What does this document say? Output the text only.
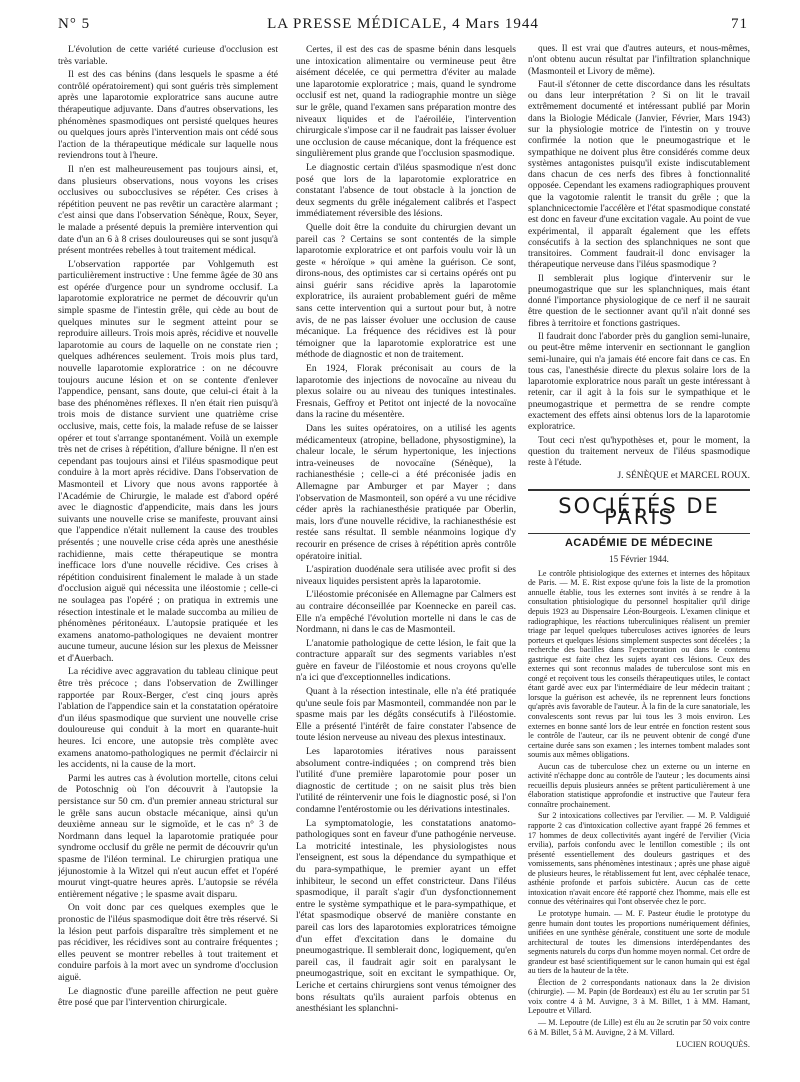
N° 5	LA PRESSE MÉDICALE, 4 Mars 1944	71

L'évolution de cette variété curieuse d'occlusion est très variable.

Il est des cas bénins (dans lesquels le spasme a été contrôlé opératoirement) qui sont guéris très simplement après une laparotomie exploratrice sans aucune autre thérapeutique adjuvante. Dans d'autres observations, les phénomènes spasmodiques ont persisté quelques heures ou quelques jours après l'intervention mais ont cédé sous l'action de la thérapeutique médicale sur laquelle nous reviendrons tout à l'heure.

Il n'en est malheureusement pas toujours ainsi, et, dans plusieurs observations, nous voyons les crises occlusives ou subocclusives se répéter. Ces crises à répétition peuvent ne pas revêtir un caractère alarmant ; c'est ainsi que dans l'observation Sénèque, Roux, Seyer, le malade a présenté depuis la première intervention qui date d'un an 6 à 8 crises douloureuses qui se sont jusqu'à présent montrées rebelles à tout traitement médical.

L'observation rapportée par Vohlgemuth est particulièrement instructive : Une femme âgée de 30 ans est opérée d'urgence pour un syndrome occlusif. La laparotomie exploratrice ne permet de découvrir qu'un simple spasme de l'intestin grêle, qui cède au bout de quelques minutes sur le segment atteint pour se reproduire ailleurs. Trois mois après, récidive et nouvelle laparotomie au cours de laquelle on ne constate rien ; quelques adhérences seulement. Trois mois plus tard, nouvelle laparotomie exploratrice : on ne découvre toujours aucune lésion et on se contente d'enlever l'appendice, pensant, sans doute, que celui-ci était à la base des phénomènes réflexes. Il n'en était rien puisqu'à trois mois de distance survient une quatrième crise occlusive, mais, cette fois, la malade refuse de se laisser opérer et tout s'arrange spontanément. Voilà un exemple très net de crises à répétition, d'allure bénigne. Il n'en est cependant pas toujours ainsi et l'iléus spasmodique peut conduire à la mort après récidive. Dans l'observation de Masmonteil et Livory que nous avons rapportée à l'Académie de Chirurgie, le malade est d'abord opéré avec le diagnostic d'appendicite, mais dans les jours suivants une nouvelle crise se manifeste, prouvant ainsi que l'appendice n'était nullement la cause des troubles présentés ; une nouvelle crise céda après une anesthésie rachidienne, mais cette thérapeutique se montra inefficace lors d'une nouvelle récidive. Ces crises à répétition conduisirent finalement le malade à un stade d'occlusion aiguë qui nécessita une iléostomie ; celle-ci ne soulagea pas l'opéré ; on pratiqua in extremis une résection intestinale et le malade succomba au milieu de phénomènes péritonéaux. L'autopsie pratiquée et les examens anatomo-pathologiques ne devaient montrer aucune tumeur, aucune lésion sur les plexus de Meissner et d'Auerbach.

La récidive avec aggravation du tableau clinique peut être très précoce ; dans l'observation de Zwillinger rapportée par Roux-Berger, c'est cinq jours après l'ablation de l'appendice sain et la constatation opératoire d'un iléus spasmodique que survient une nouvelle crise douloureuse qui conduit à la mort en quarante-huit heures. Ici encore, une autopsie très complète avec examens anatomo-pathologiques ne permit d'éclaircir ni les accidents, ni la cause de la mort.

Parmi les autres cas à évolution mortelle, citons celui de Potoschnig où l'on découvrit à l'autopsie la persistance sur 50 cm. d'un premier anneau strictural sur le grêle sans aucun obstacle mécanique, ainsi qu'un deuxième anneau sur le sigmoïde, et le cas n° 3 de Nordmann dans lequel la laparotomie pratiquée pour syndrome occlusif du grêle ne permit de découvrir qu'un spasme de l'iléon terminal. Le chirurgien pratiqua une jéjunostomie à la Witzel qui n'eut aucun effet et l'opéré mourut vingt-quatre heures après. L'autopsie se révéla entièrement négative ; le spasme avait disparu.

On voit donc par ces quelques exemples que le pronostic de l'iléus spasmodique doit être très réservé. Si la lésion peut parfois disparaître très simplement et ne pas récidiver, les récidives sont au contraire fréquentes ; elles peuvent se montrer rebelles à tout traitement et conduire parfois à la mort avec un syndrome d'occlusion aiguë.

Le diagnostic d'une pareille affection ne peut guère être posé que par l'intervention chirurgicale.

Certes, il est des cas de spasme bénin dans lesquels une intoxication alimentaire ou vermineuse peut être aisément décelée, ce qui permettra d'éviter au malade une laparotomie exploratrice ; mais, quand le syndrome occlusif est net, quand la radiographie montre un siège sur le grêle, quand l'examen sans préparation montre des niveaux liquides et de l'aéroiléie, l'intervention chirurgicale s'impose car il ne faudrait pas laisser évoluer une occlusion de cause mécanique, dont la fréquence est singulièrement plus grande que l'occlusion spasmodique.

Le diagnostic certain d'iléus spasmodique n'est donc posé que lors de la laparotomie exploratrice en constatant l'absence de tout obstacle à la jonction de deux segments du grêle inégalement calibrés et l'aspect immédiatement réversible des lésions.

Quelle doit être la conduite du chirurgien devant un pareil cas ? Certains se sont contentés de la simple laparotomie exploratrice et ont parfois voulu voir là un geste « héroïque » qui amène la guérison. Ce sont, dirons-nous, des optimistes car si certains opérés ont pu ainsi guérir sans récidive après la laparotomie exploratrice, ils auraient probablement guéri de même sans cette intervention qui a surtout pour but, à notre avis, de ne pas laisser évoluer une occlusion de cause mécanique. La fréquence des récidives est là pour témoigner que la laparotomie exploratrice est une méthode de diagnostic et non de traitement.

En 1924, Florak préconisait au cours de la laparotomie des injections de novocaïne au niveau du plexus solaire ou au niveau des tuniques intestinales. Fresnais, Geffroy et Petitot ont injecté de la novocaïne dans la racine du mésentère.

Dans les suites opératoires, on a utilisé les agents médicamenteux (atropine, belladone, physostigmine), la chaleur locale, le sérum hypertonique, les injections intra-veineuses de novocaïne (Sénèque), la rachianesthésie ; celle-ci a été préconisée jadis en Allemagne par Amburger et par Mayer ; dans l'observation de Masmonteil, son opéré a vu une récidive céder après la rachianesthésie pratiquée par Oberlin, mais, lors d'une nouvelle récidive, la rachianesthésie est restée sans résultat. Il semble néanmoins logique d'y recourir en présence de crises à répétition après contrôle opératoire initial.

L'aspiration duodénale sera utilisée avec profit si des niveaux liquides persistent après la laparotomie.

L'iléostomie préconisée en Allemagne par Calmers est au contraire déconseillée par Koennecke en pareil cas. Elle n'a empêché l'évolution mortelle ni dans le cas de Nordmann, ni dans le cas de Masmonteil.

L'anatomie pathologique de cette lésion, le fait que la contracture apparaît sur des segments variables n'est guère en faveur de l'iléostomie et nous croyons qu'elle n'a ici que d'exceptionnelles indications.

Quant à la résection intestinale, elle n'a été pratiquée qu'une seule fois par Masmonteil, commandée non par le spasme mais par les dégâts consécutifs à l'iléostomie. Elle a présenté l'intérêt de faire constater l'absence de toute lésion nerveuse au niveau des plexus intestinaux.

Les laparotomies itératives nous paraissent absolument contre-indiquées ; on comprend très bien l'utilité d'une première laparotomie pour poser un diagnostic de certitude ; on ne saisit plus très bien l'utilité de réintervenir une fois le diagnostic posé, si l'on condamne l'entérostomie ou les dérivations intestinales.

La symptomatologie, les constatations anatomo-pathologiques sont en faveur d'une pathogénie nerveuse. La motricité intestinale, les physiologistes nous l'enseignent, est sous la dépendance du sympathique et du para-sympathique, le premier ayant un effet inhibiteur, le second un effet constricteur. Dans l'iléus spasmodique, il paraît s'agir d'un dysfonctionnement entre le système sympathique et le para-sympathique, et l'état spasmodique observé de manière constante en pareil cas lors des laparotomies exploratrices témoigne d'un effet d'excitation dans le domaine du pneumogastrique. Il semblerait donc, logiquement, qu'en pareil cas, il faudrait agir soit en paralysant le pneumogastrique, soit en excitant le sympathique. Or, Leriche et certains chirurgiens sont venus témoigner des bons résultats qu'ils auraient parfois obtenus en anesthésiant les splanchni-

ques. Il est vrai que d'autres auteurs, et nous-mêmes, n'ont obtenu aucun résultat par l'infiltration splanchnique (Masmonteil et Livory de même).

Faut-il s'étonner de cette discordance dans les résultats ou dans leur interprétation ? Si on lit le travail extrêmement documenté et intéressant publié par Morin dans la Biologie Médicale (Janvier, Février, Mars 1943) sur la physiologie motrice de l'intestin on y trouve confirmée la notion que le pneumogastrique et le sympathique ne doivent plus être considérés comme deux systèmes antagonistes puisqu'il existe indiscutablement dans chacun de ces nerfs des fibres à fonctionnalité opposée. Cependant les examens radiographiques prouvent que la vagotomie ralentit le transit du grêle ; que la splanchnicectomie l'accélère et l'état spasmodique constaté est donc en faveur d'une excitation vagale. Au point de vue expérimental, il apparaît également que les effets consécutifs à la section des splanchniques ne sont que transitoires. Comment faudrait-il donc envisager la thérapeutique nerveuse dans l'iléus spasmodique ?

Il semblerait plus logique d'intervenir sur le pneumogastrique que sur les splanchniques, mais étant donné l'importance physiologique de ce nerf il ne saurait être question de le sectionner avant qu'il n'ait donné ses fibres à territoire et fonctions gastriques.

Il faudrait donc l'aborder près du ganglion semi-lunaire, ou peut-être même intervenir en sectionnant le ganglion semi-lunaire, qui n'a jamais été encore fait dans ce cas. En tous cas, l'anesthésie directe du plexus solaire lors de la laparotomie exploratrice nous paraît un geste intéressant à retenir, car il agit à la fois sur le sympathique et le pneumogastrique et permettra de se rendre compte exactement des effets ainsi obtenus lors de la laparotomie exploratrice.

Tout ceci n'est qu'hypothèses et, pour le moment, la question du traitement nerveux de l'iléus spasmodique reste à l'étude.

J. SÉNÈQUE et MARCEL ROUX.

SOCIÉTÉS DE PARIS
ACADÉMIE DE MÉDECINE
15 Février 1944.

Le contrôle phtisiologique des externes et internes des hôpitaux de Paris. — M. E. Rist expose qu'une fois la liste de la promotion annuelle établie, tous les externes sont invités à se rendre à la consultation phtisiologique du personnel hospitalier qu'il dirige depuis 1923 au Dispensaire Léon-Bourgeois. L'examen clinique et radiographique, les réactions tuberculiniques réalisent un premier triage par lequel quelques tuberculoses actives ignorées de leurs porteurs et quelques lésions simplement suspectes sont décelées ; la recherche des bacilles dans l'expectoration ou dans le contenu gastrique est faite chez les sujets ayant ces lésions. Ceux des externes qui sont reconnus malades de tuberculose sont mis en congé et reçoivent tous les conseils thérapeutiques utiles, le contact étant gardé avec eux par l'intermédiaire de leur médecin traitant ; lorsque la guérison est achevée, ils ne reprennent leurs fonctions qu'après avis favorable de l'auteur. À la fin de la cure sanatoriale, les convalescents sont revus par lui tous les 3 mois environ. Les externes en bonne santé lors de leur entrée en fonction restent sous le contrôle de l'auteur, car ils ne peuvent obtenir de congé d'une certaine durée sans son examen ; les internes tombent malades sont soumis aux mêmes obligations.

Aucun cas de tuberculose chez un externe ou un interne en activité n'échappe donc au contrôle de l'auteur ; les documents ainsi recueillis depuis plusieurs années se prêtent particulièrement à une élaboration statistique approfondie et instructive que l'auteur fera connaître prochainement.

Sur 2 intoxications collectives par l'ervilier. — M. P. Valdiguié rapporte 2 cas d'intoxication collective ayant frappé 26 femmes et 17 hommes de deux collectivités ayant ingéré de l'ervilier (Vicia ervilia), parfois confondu avec le lentillon comestible ; ils ont présenté essentiellement des douleurs gastriques et des vomissements, sans phénomènes intestinaux ; après une phase aiguë de plusieurs heures, le rétablissement fut lent, avec céphalée tenace, asthénie profonde et parfois subictère. Aucun cas de cette intoxication n'avait encore été rapporté chez l'homme, mais elle est connue des vétérinaires qui l'ont observée chez le porc.

Le prototype humain. — M. F. Pasteur étudie le prototype du genre humain dont toutes les proportions numériquement définies, unifiées en une synthèse générale, constituent une sorte de module architectural de toutes les dimensions interdépendantes des segments naturels du corps d'un homme moyen normal. Cet ordre de grandeur est basé scientifiquement sur le canon humain qui est égal au tiers de la hauteur de la tête.

Élection de 2 correspondants nationaux dans la 2e division (chirurgie). — M. Papin (de Bordeaux) est élu au 1er scrutin par 51 voix contre 4 à M. Auvigne, 3 à M. Billet, 1 à MM. Hamant, Lepoutre et Villard.

— M. Lepoutre (de Lille) est élu au 2e scrutin par 50 voix contre 6 à M. Billet, 5 à M. Auvigne, 2 à M. Villard.

LUCIEN ROUQUÈS.
